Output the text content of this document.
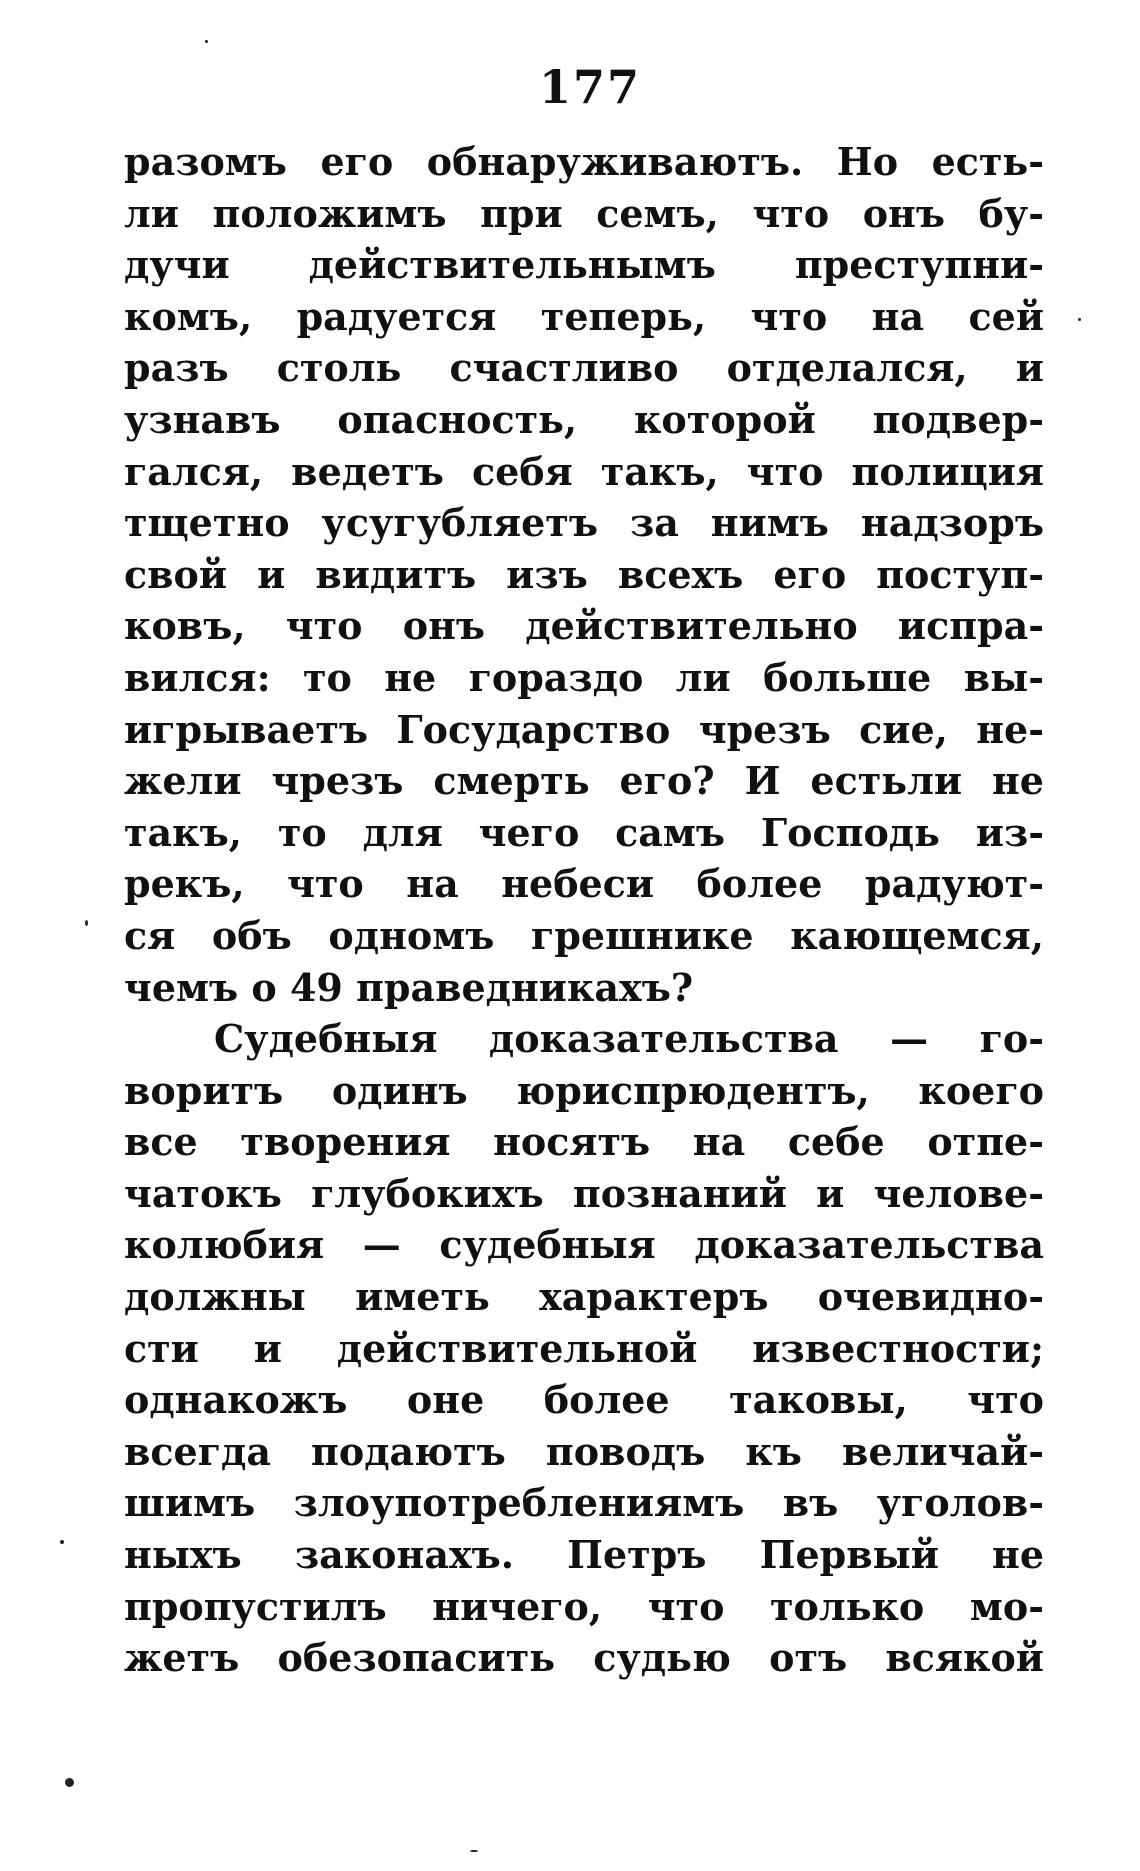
177
разомъ его обнаруживаютъ. Но есть-
ли положимъ при семъ, что онъ бу-
дучи действительнымъ преступни-
комъ, радуется теперь, что на сей
разъ столь счастливо отделался, и
узнавъ опасность, которой подвер-
гался, ведетъ себя такъ, что полиция
тщетно усугубляетъ за нимъ надзоръ
свой и видитъ изъ всехъ его поступ-
ковъ, что онъ действительно испра-
вился: то не гораздо ли больше вы-
игрываетъ Государство чрезъ сие, не-
жели чрезъ смерть его? И естьли не
такъ, то для чего самъ Господь из-
рекъ, что на небеси более радуют-
ся объ одномъ грешнике кающемся,
чемъ о 49 праведникахъ?
Судебныя доказательства — го-
воритъ одинъ юриспрюдентъ, коего
все творения носятъ на себе отпе-
чатокъ глубокихъ познаний и челове-
колюбия — судебныя доказательства
должны иметь характеръ очевидно-
сти и действительной известности;
однакожъ оне более таковы, что
всегда подаютъ поводъ къ величай-
шимъ злоупотреблениямъ въ уголов-
ныхъ законахъ. Петръ Первый не
пропустилъ ничего, что только мо-
жетъ обезопасить судью отъ всякой
